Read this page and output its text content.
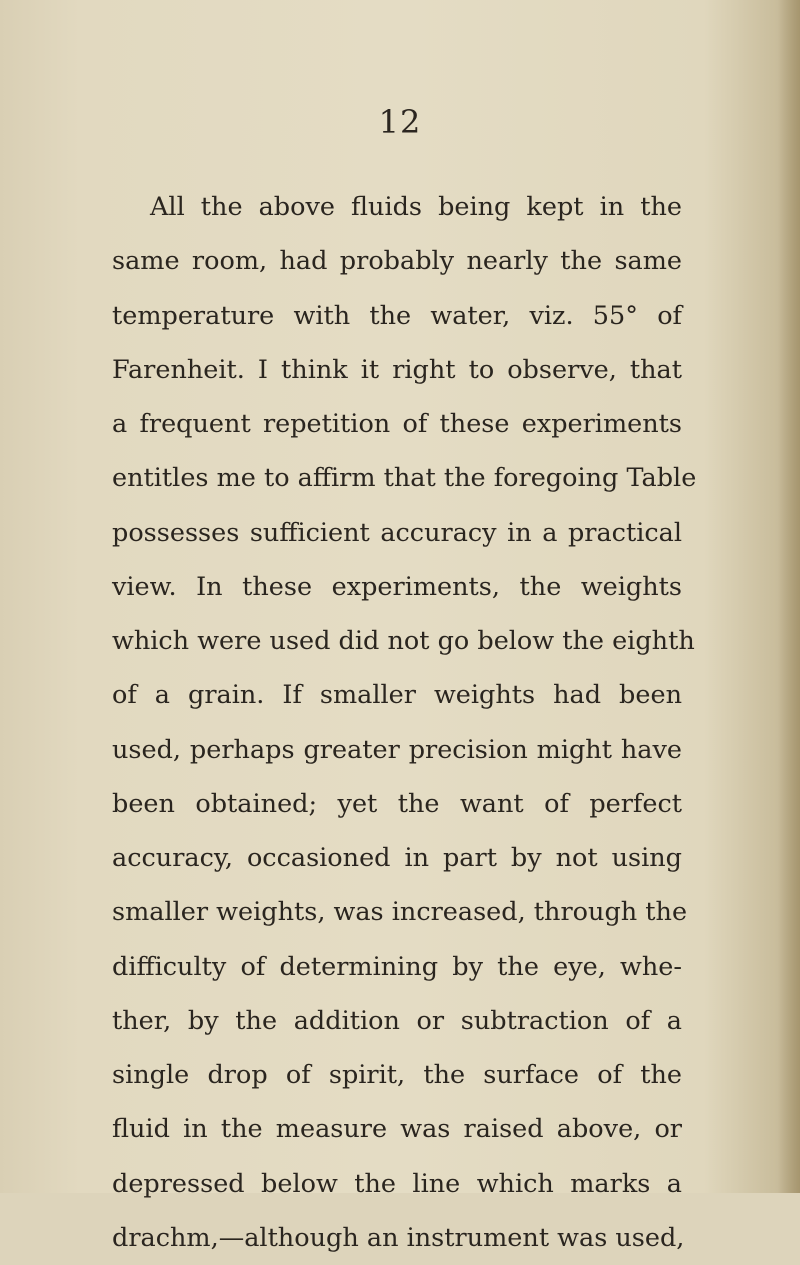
12
All the above fluids being kept in the
same room, had probably nearly the same
temperature with the water, viz. 55° of
Farenheit. I think it right to observe, that
a frequent repetition of these experiments
entitles me to affirm that the foregoing Table
possesses sufficient accuracy in a practical
view. In these experiments, the weights
which were used did not go below the eighth
of a grain. If smaller weights had been
used, perhaps greater precision might have
been obtained; yet the want of perfect
accuracy, occasioned in part by not using
smaller weights, was increased, through the
difficulty of determining by the eye, whe-
ther, by the addition or subtraction of a
single drop of spirit, the surface of the
fluid in the measure was raised above, or
depressed below the line which marks a
drachm,—although an instrument was used,
